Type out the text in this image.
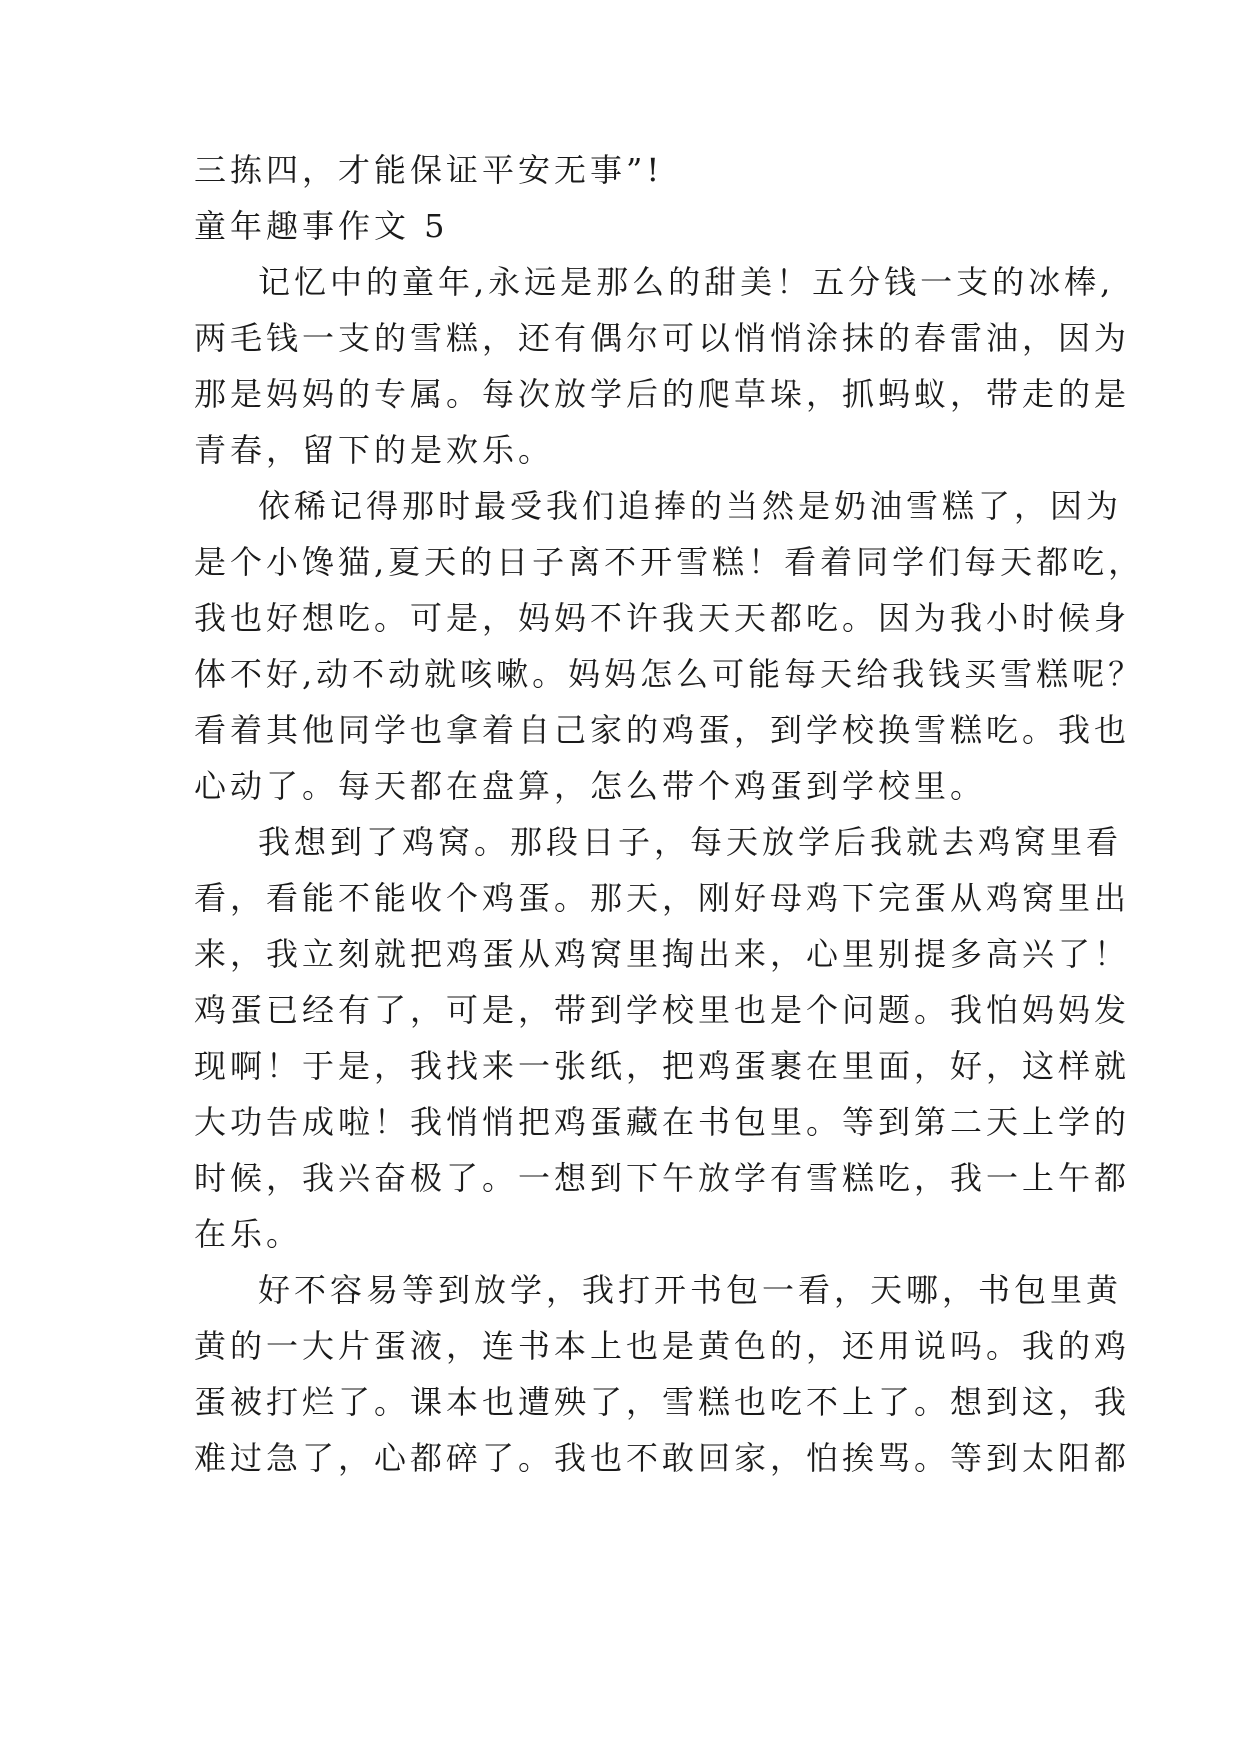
三拣四，才能保证平安无事”!
童年趣事作文 5
记忆中的童年,永远是那么的甜美！五分钱一支的冰棒,
两毛钱一支的雪糕，还有偶尔可以悄悄涂抹的春雷油，因为
那是妈妈的专属。每次放学后的爬草垛，抓蚂蚁，带走的是
青春，留下的是欢乐。
依稀记得那时最受我们追捧的当然是奶油雪糕了，因为
是个小馋猫,夏天的日子离不开雪糕！看着同学们每天都吃，
我也好想吃。可是，妈妈不许我天天都吃。因为我小时候身
体不好,动不动就咳嗽。妈妈怎么可能每天给我钱买雪糕呢？
看着其他同学也拿着自己家的鸡蛋，到学校换雪糕吃。我也
心动了。每天都在盘算，怎么带个鸡蛋到学校里。
我想到了鸡窝。那段日子，每天放学后我就去鸡窝里看
看，看能不能收个鸡蛋。那天，刚好母鸡下完蛋从鸡窝里出
来，我立刻就把鸡蛋从鸡窝里掏出来，心里别提多高兴了！
鸡蛋已经有了，可是，带到学校里也是个问题。我怕妈妈发
现啊！于是，我找来一张纸，把鸡蛋裹在里面，好，这样就
大功告成啦！我悄悄把鸡蛋藏在书包里。等到第二天上学的
时候，我兴奋极了。一想到下午放学有雪糕吃，我一上午都
在乐。
好不容易等到放学，我打开书包一看，天哪，书包里黄
黄的一大片蛋液，连书本上也是黄色的，还用说吗。我的鸡
蛋被打烂了。课本也遭殃了，雪糕也吃不上了。想到这，我
难过急了，心都碎了。我也不敢回家，怕挨骂。等到太阳都
